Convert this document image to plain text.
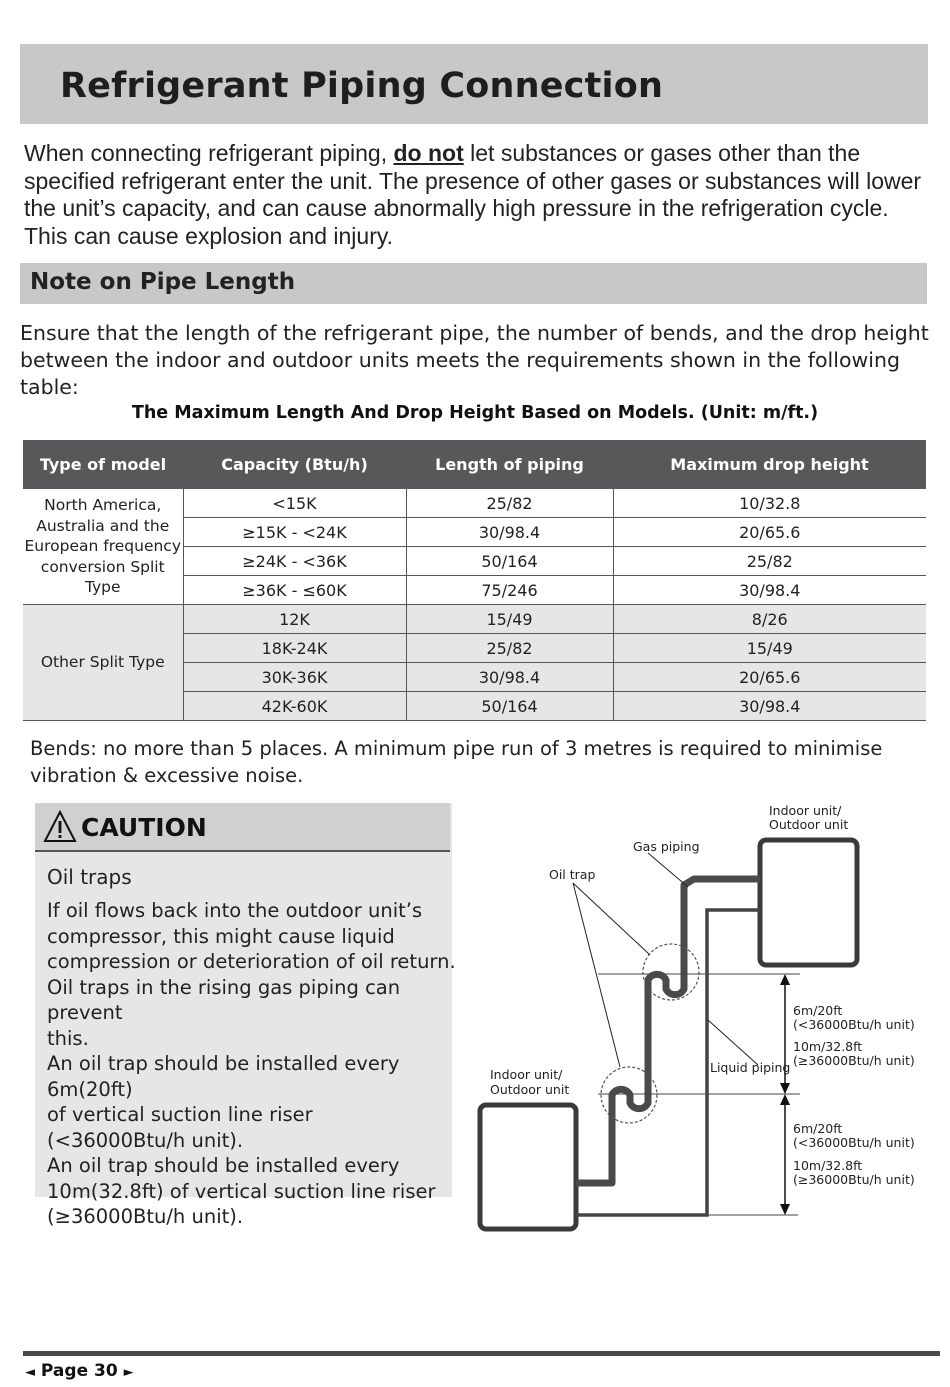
Refrigerant Piping Connection
When connecting refrigerant piping, do not let substances or gases other than the specified refrigerant enter the unit. The presence of other gases or substances will lower the unit’s capacity, and can cause abnormally high pressure in the refrigeration cycle. This can cause explosion and injury.
Note on Pipe Length
Ensure that the length of the refrigerant pipe, the number of bends, and the drop height between the indoor and outdoor units meets the requirements shown in the following table:
The Maximum Length And Drop Height Based on Models. (Unit: m/ft.)
Type of model	Capacity (Btu/h)	Length of piping	Maximum drop height
North America, Australia and the European frequency conversion Split Type	<15K	25/82	10/32.8
	≥15K - <24K	30/98.4	20/65.6
	≥24K - <36K	50/164	25/82
	≥36K - ≤60K	75/246	30/98.4
Other Split Type	12K	15/49	8/26
	18K-24K	25/82	15/49
	30K-36K	30/98.4	20/65.6
	42K-60K	50/164	30/98.4
Bends: no more than 5 places. A minimum pipe run of 3 metres is required to minimise vibration & excessive noise.
CAUTION
Oil traps
If oil flows back into the outdoor unit’s
compressor, this might cause liquid
compression or deterioration of oil return.
Oil traps in the rising gas piping can prevent
this.
An oil trap should be installed every 6m(20ft)
of vertical suction line riser
(<36000Btu/h unit).
An oil trap should be installed every
10m(32.8ft) of vertical suction line riser
(≥36000Btu/h unit).
Indoor unit/
Outdoor unit
Gas piping
Oil trap
Liquid piping
Indoor unit/
Outdoor unit
6m/20ft
(<36000Btu/h unit)
10m/32.8ft
(≥36000Btu/h unit)
6m/20ft
(<36000Btu/h unit)
10m/32.8ft
(≥36000Btu/h unit)
◄ Page 30 ►
